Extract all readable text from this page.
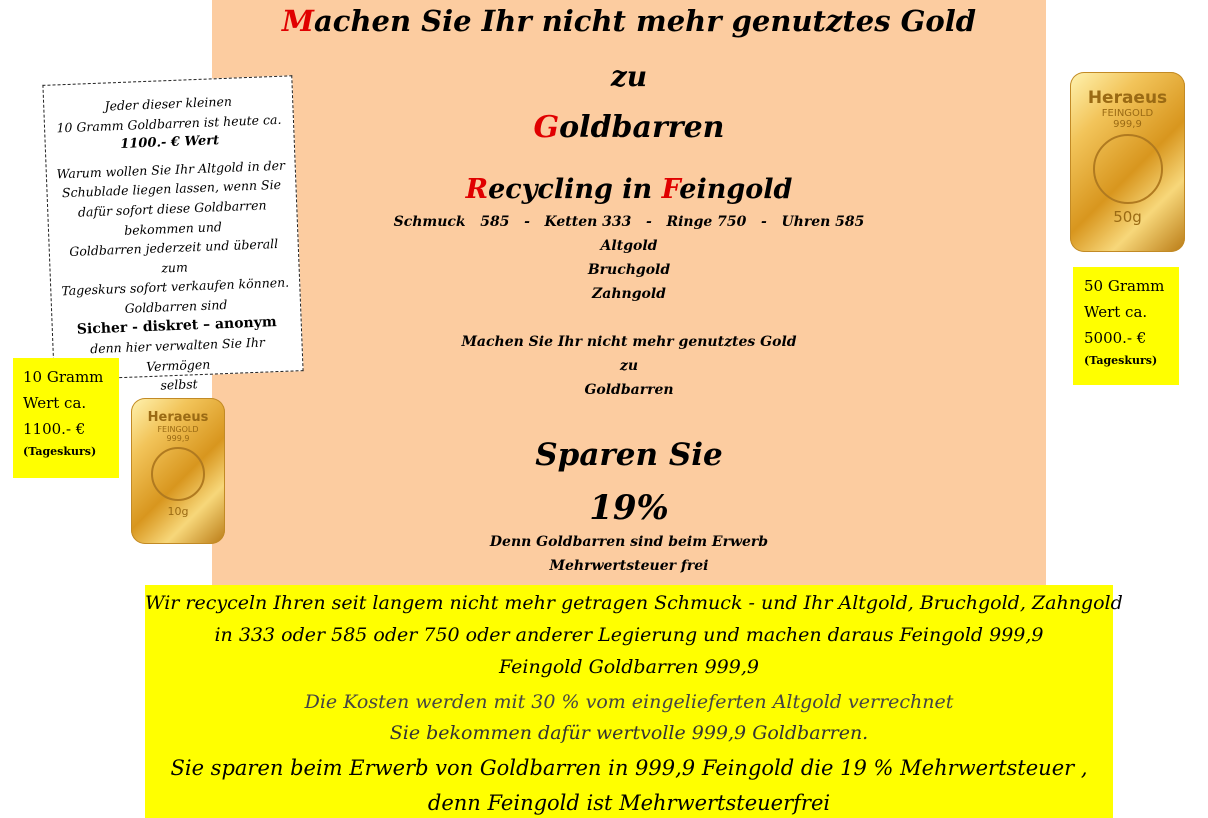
Machen Sie Ihr nicht mehr genutztes Gold
zu
Goldbarren
Recycling in Feingold
Schmuck   585   -   Ketten 333   -   Ringe 750   -   Uhren 585
Altgold
Bruchgold
Zahngold
Machen Sie Ihr nicht mehr genutztes Gold
zu
Goldbarren
Sparen Sie
19%
Denn Goldbarren sind beim Erwerb
Mehrwertsteuer frei
Jeder dieser kleinen
10 Gramm Goldbarren ist heute ca.
1100.- € Wert
Warum wollen Sie Ihr Altgold in der
Schublade liegen lassen, wenn Sie
dafür sofort diese Goldbarren
bekommen und
Goldbarren jederzeit und überall zum
Tageskurs sofort verkaufen können.
Goldbarren sind
Sicher - diskret – anonym
denn hier verwalten Sie Ihr Vermögen
selbst
10 Gramm
Wert ca.
1100.- €
(Tageskurs)
50 Gramm
Wert ca.
5000.- €
(Tageskurs)
Heraeus
FEINGOLD
999,9
10g
Heraeus
FEINGOLD
999,9
50g
Wir recyceln Ihren seit langem nicht mehr getragen Schmuck - und Ihr Altgold, Bruchgold, Zahngold
in 333 oder 585 oder 750 oder anderer Legierung und machen daraus Feingold 999,9
Feingold Goldbarren 999,9
Die Kosten werden mit 30 % vom eingelieferten Altgold verrechnet
Sie bekommen dafür wertvolle 999,9 Goldbarren.
Sie sparen beim Erwerb von Goldbarren in 999,9 Feingold die 19 % Mehrwertsteuer ,
denn Feingold ist Mehrwertsteuerfrei
